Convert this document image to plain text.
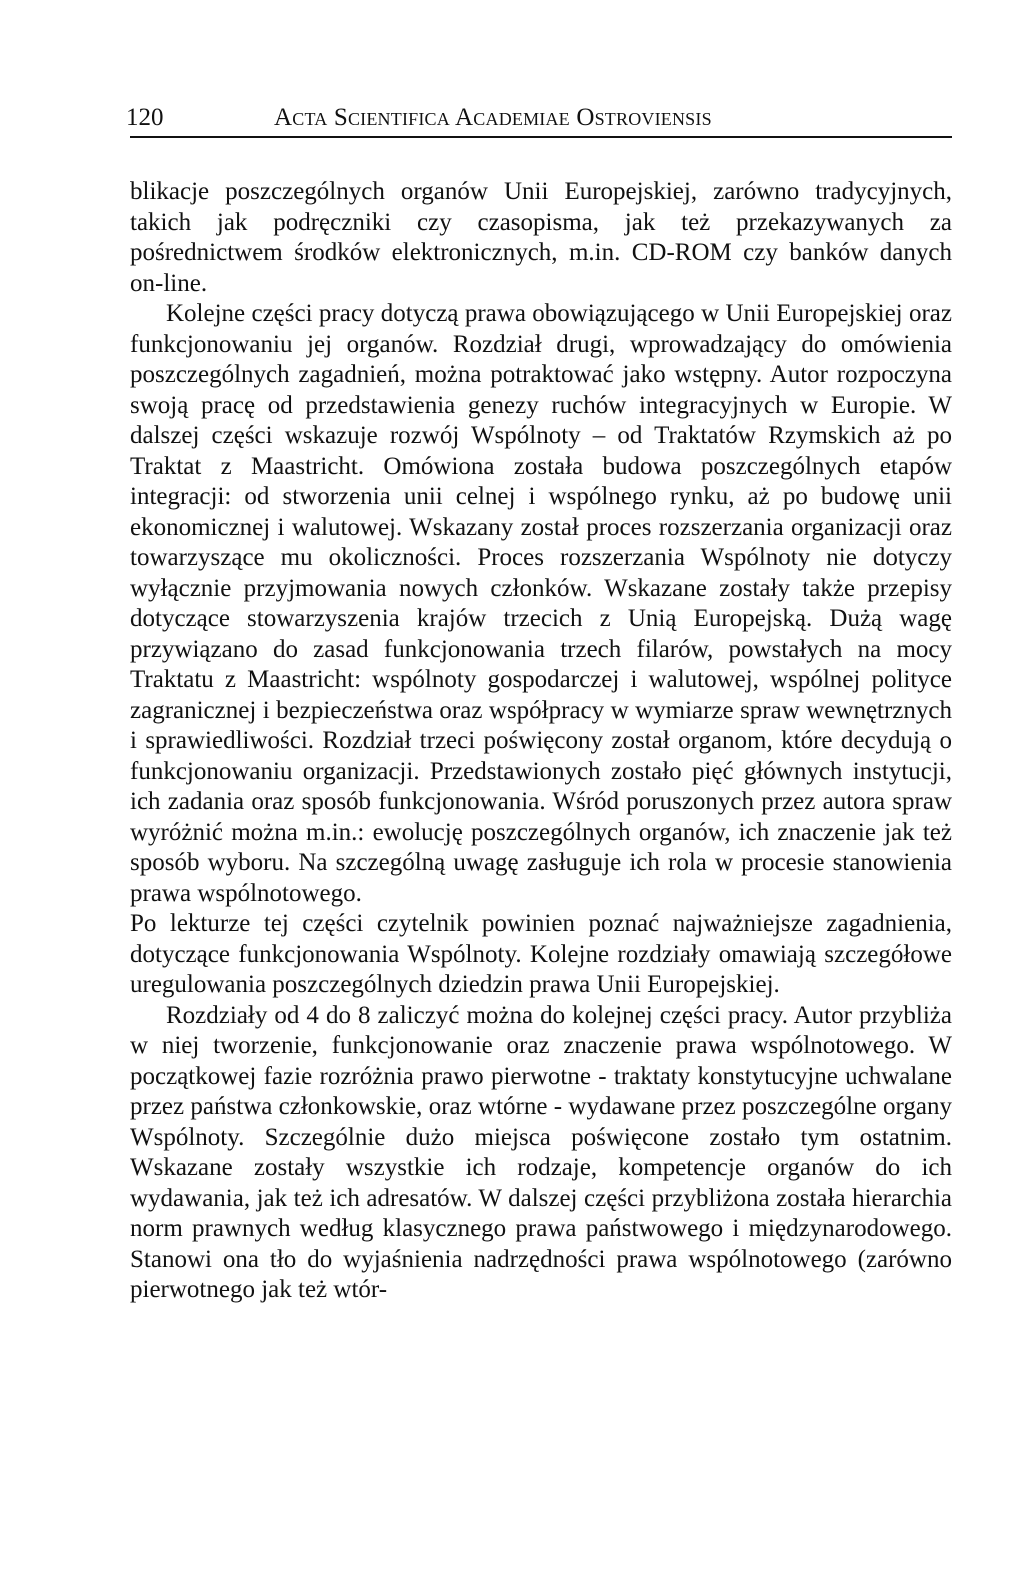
120	Acta Scientifica Academiae Ostroviensis

blikacje poszczególnych organów Unii Europejskiej, zarówno tradycyjnych, takich jak podręczniki czy czasopisma, jak też przekazywanych za pośrednictwem środków elektronicznych, m.in. CD-ROM czy banków danych on-line.

Kolejne części pracy dotyczą prawa obowiązującego w Unii Europejskiej oraz funkcjonowaniu jej organów. Rozdział drugi, wprowadzający do omówienia poszczególnych zagadnień, można potraktować jako wstępny. Autor rozpoczyna swoją pracę od przedstawienia genezy ruchów integracyjnych w Europie. W dalszej części wskazuje rozwój Wspólnoty – od Traktatów Rzymskich aż po Traktat z Maastricht. Omówiona została budowa poszczególnych etapów integracji: od stworzenia unii celnej i wspólnego rynku, aż po budowę unii ekonomicznej i walutowej. Wskazany został proces rozszerzania organizacji oraz towarzyszące mu okoliczności. Proces rozszerzania Wspólnoty nie dotyczy wyłącznie przyjmowania nowych członków. Wskazane zostały także przepisy dotyczące stowarzyszenia krajów trzecich z Unią Europejską. Dużą wagę przywiązano do zasad funkcjonowania trzech filarów, powstałych na mocy Traktatu z Maastricht: wspólnoty gospodarczej i walutowej, wspólnej polityce zagranicznej i bezpieczeństwa oraz współpracy w wymiarze spraw wewnętrznych i sprawiedliwości. Rozdział trzeci poświęcony został organom, które decydują o funkcjonowaniu organizacji. Przedstawionych zostało pięć głównych instytucji, ich zadania oraz sposób funkcjonowania. Wśród poruszonych przez autora spraw wyróżnić można m.in.: ewolucję poszczególnych organów, ich znaczenie jak też sposób wyboru. Na szczególną uwagę zasługuje ich rola w procesie stanowienia prawa wspólnotowego.

Po lekturze tej części czytelnik powinien poznać najważniejsze zagadnienia, dotyczące funkcjonowania Wspólnoty. Kolejne rozdziały omawiają szczegółowe uregulowania poszczególnych dziedzin prawa Unii Europejskiej.

Rozdziały od 4 do 8 zaliczyć można do kolejnej części pracy. Autor przybliża w niej tworzenie, funkcjonowanie oraz znaczenie prawa wspólnotowego. W początkowej fazie rozróżnia prawo pierwotne - traktaty konstytucyjne uchwalane przez państwa członkowskie, oraz wtórne - wydawane przez poszczególne organy Wspólnoty. Szczególnie dużo miejsca poświęcone zostało tym ostatnim. Wskazane zostały wszystkie ich rodzaje, kompetencje organów do ich wydawania, jak też ich adresatów. W dalszej części przybliżona została hierarchia norm prawnych według klasycznego prawa państwowego i międzynarodowego. Stanowi ona tło do wyjaśnienia nadrzędności prawa wspólnotowego (zarówno pierwotnego jak też wtór-
